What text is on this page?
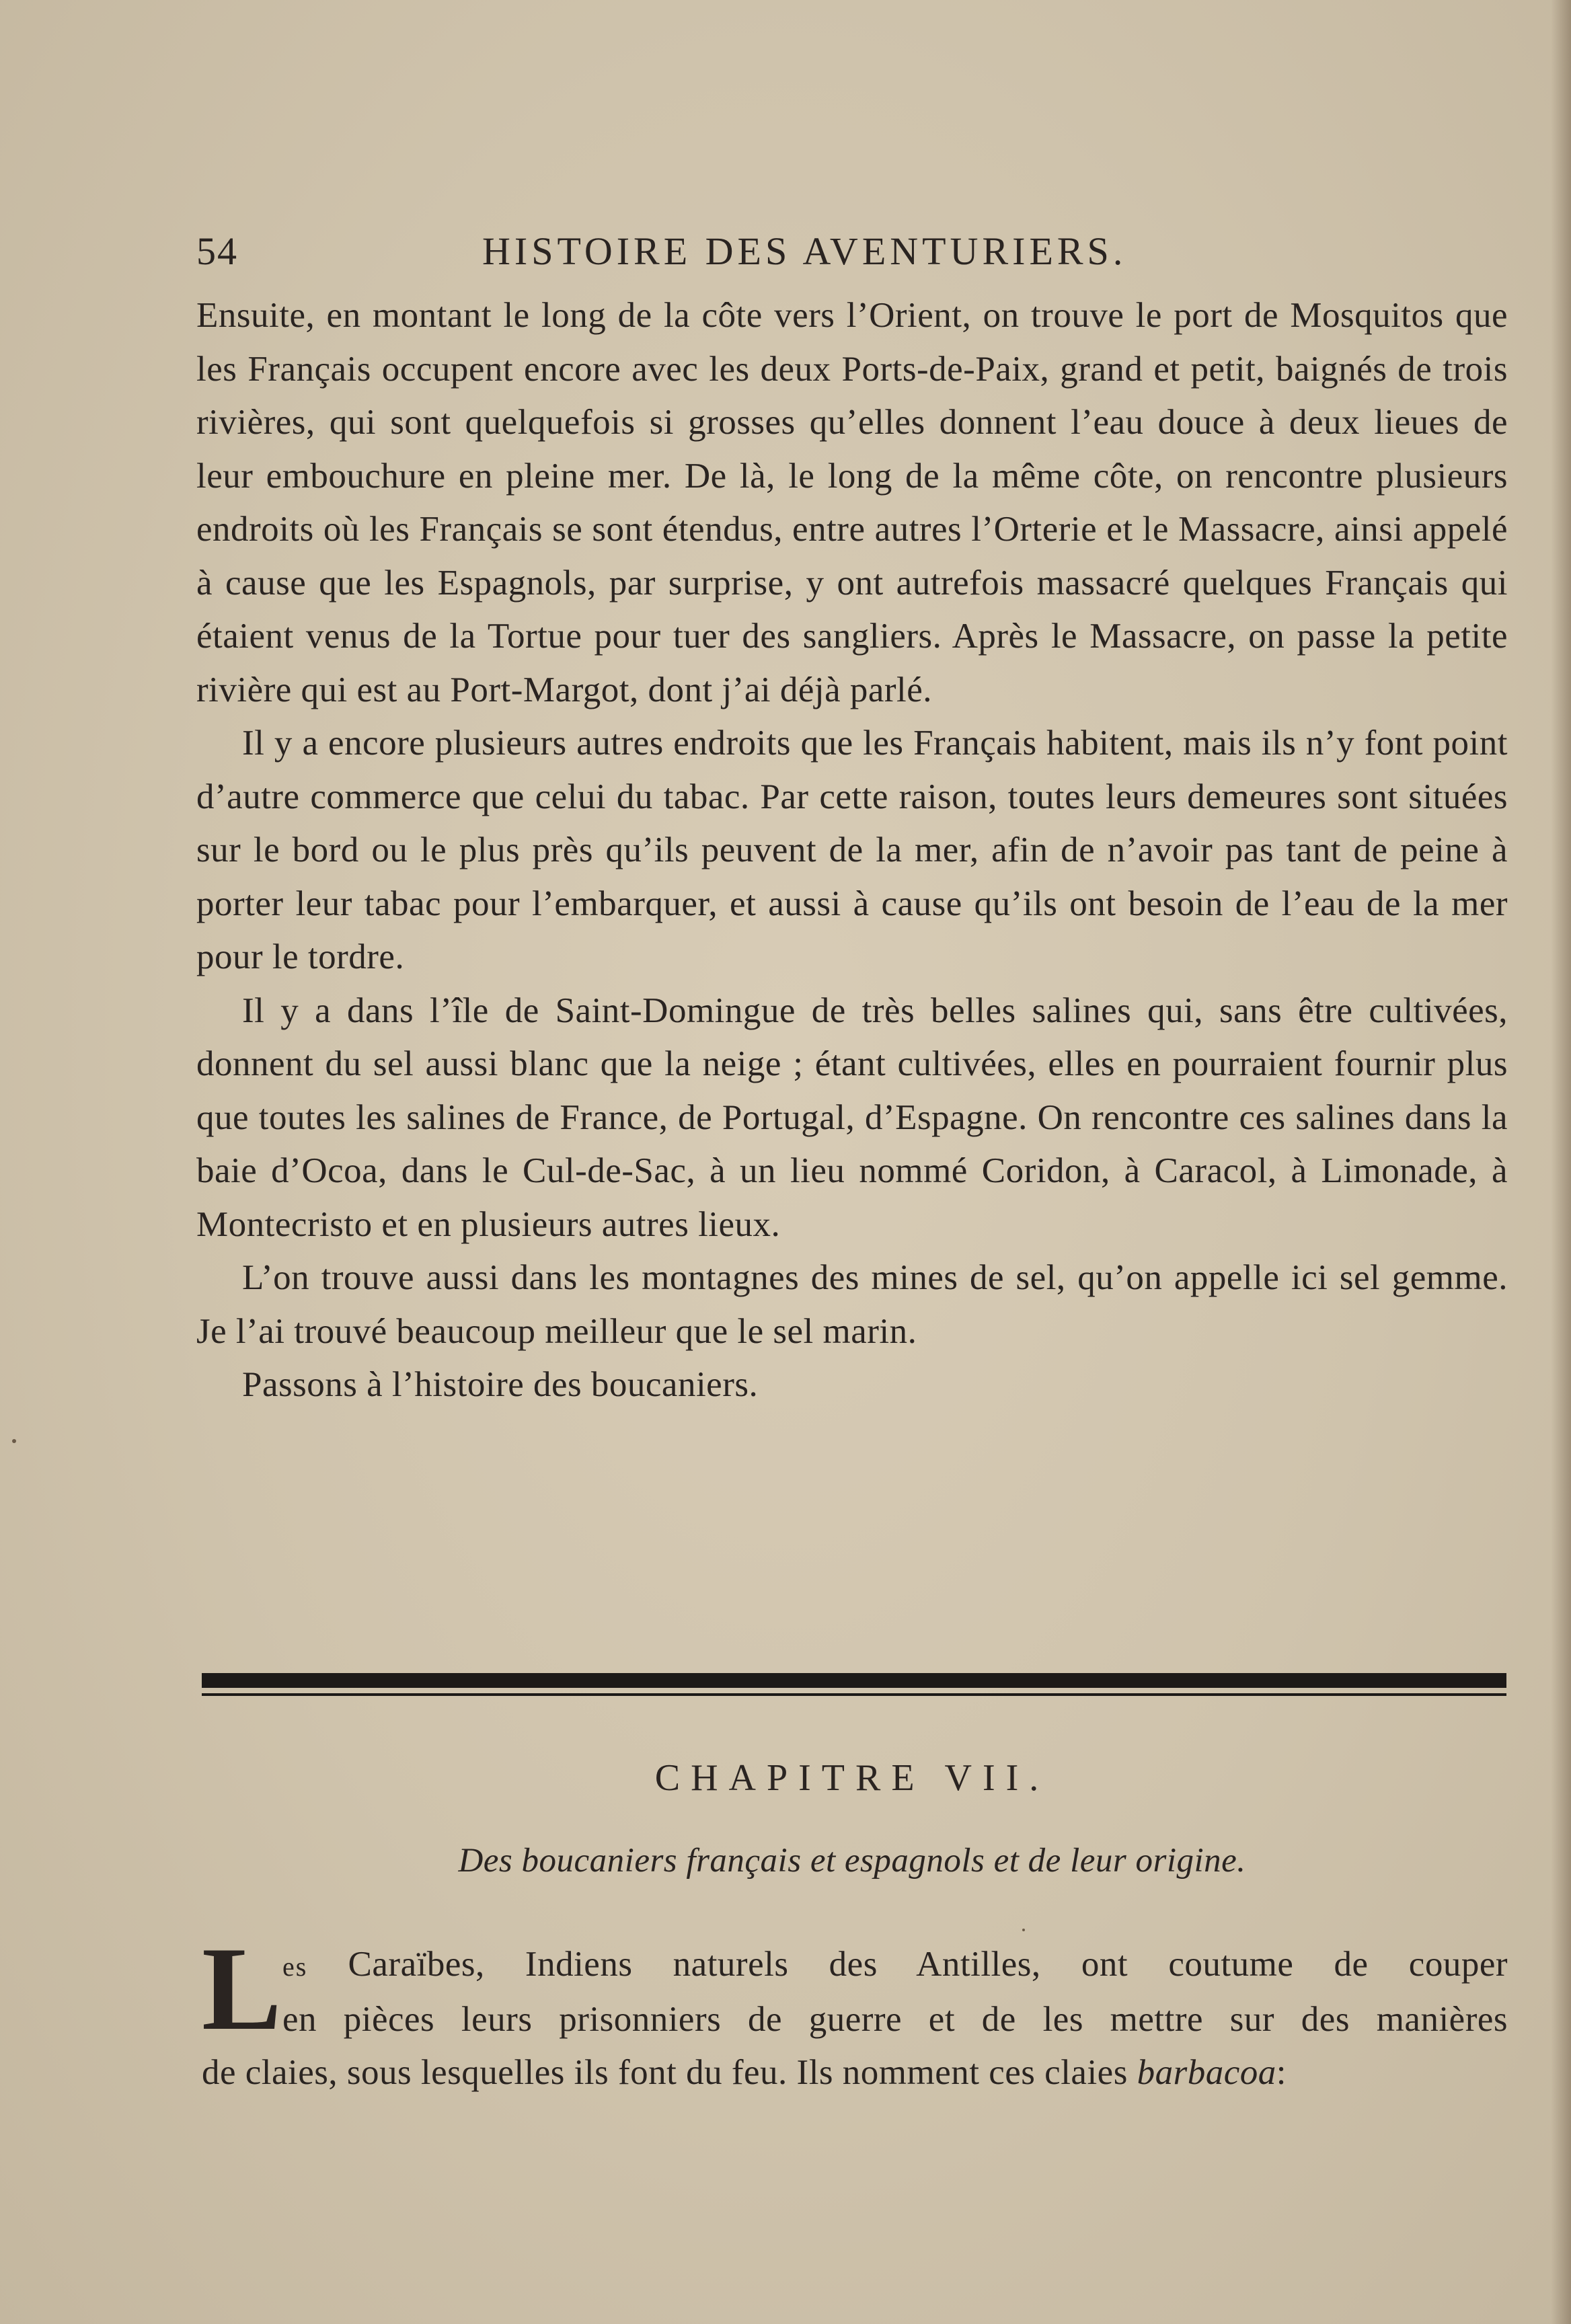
54	HISTOIRE DES AVENTURIERS.

Ensuite, en montant le long de la côte vers l’Orient, on trouve le port de Mosquitos que les Français occupent encore avec les deux Ports-de-Paix, grand et petit, baignés de trois rivières, qui sont quelquefois si grosses qu’elles donnent l’eau douce à deux lieues de leur embouchure en pleine mer. De là, le long de la même côte, on rencontre plusieurs endroits où les Français se sont étendus, entre autres l’Orterie et le Massacre, ainsi appelé à cause que les Espagnols, par surprise, y ont autrefois massacré quelques Français qui étaient venus de la Tortue pour tuer des sangliers. Après le Massacre, on passe la petite rivière qui est au Port-Margot, dont j’ai déjà parlé.

Il y a encore plusieurs autres endroits que les Français habitent, mais ils n’y font point d’autre commerce que celui du tabac. Par cette raison, toutes leurs demeures sont situées sur le bord ou le plus près qu’ils peuvent de la mer, afin de n’avoir pas tant de peine à porter leur tabac pour l’embarquer, et aussi à cause qu’ils ont besoin de l’eau de la mer pour le tordre.

Il y a dans l’île de Saint-Domingue de très belles salines qui, sans être cultivées, donnent du sel aussi blanc que la neige ; étant cultivées, elles en pourraient fournir plus que toutes les salines de France, de Portugal, d’Espagne. On rencontre ces salines dans la baie d’Ocoa, dans le Cul-de-Sac, à un lieu nommé Coridon, à Caracol, à Limonade, à Montecristo et en plusieurs autres lieux.

L’on trouve aussi dans les montagnes des mines de sel, qu’on appelle ici sel gemme. Je l’ai trouvé beaucoup meilleur que le sel marin.

Passons à l’histoire des boucaniers.

CHAPITRE VII.
Des boucaniers français et espagnols et de leur origine.
L es Caraïbes, Indiens naturels des Antilles, ont coutume de couper

en pièces leurs prisonniers de guerre et de les mettre sur des manières
de claies, sous lesquelles ils font du feu. Ils nomment ces claies barbacoa:
